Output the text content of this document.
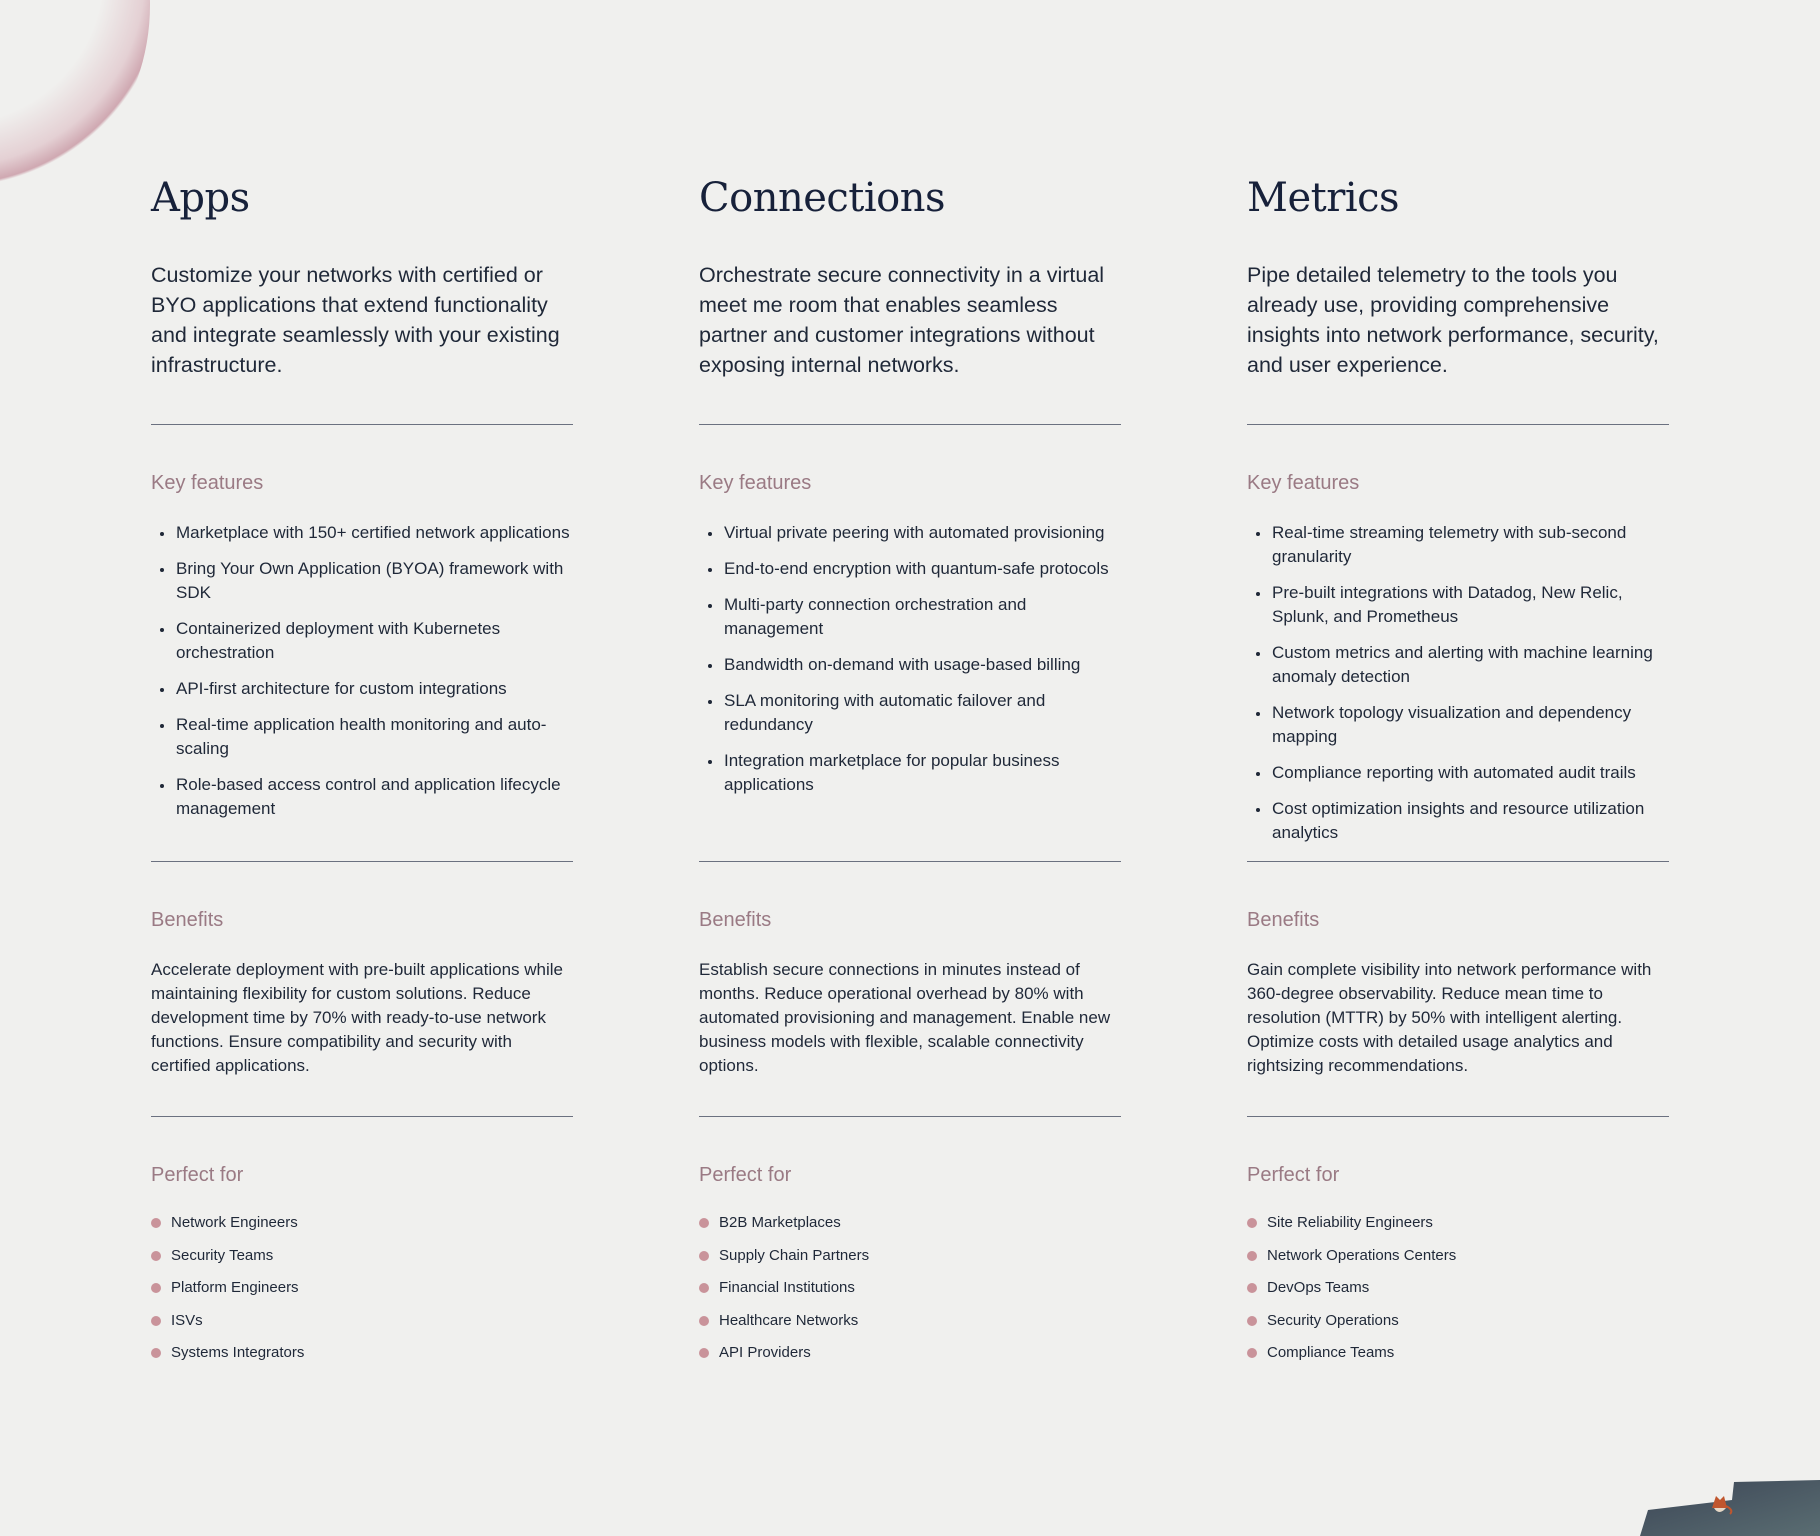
Apps

Customize your networks with certified or BYO applications that extend functionality and integrate seamlessly with your existing infrastructure.

Key features
Marketplace with 150+ certified network applications
Bring Your Own Application (BYOA) framework with SDK
Containerized deployment with Kubernetes orchestration
API-first architecture for custom integrations
Real-time application health monitoring and auto-scaling
Role-based access control and application lifecycle management
Benefits

Accelerate deployment with pre-built applications while maintaining flexibility for custom solutions. Reduce development time by 70% with ready-to-use network functions. Ensure compatibility and security with certified applications.

Perfect for
Network Engineers
Security Teams
Platform Engineers
ISVs
Systems Integrators
Connections

Orchestrate secure connectivity in a virtual meet me room that enables seamless partner and customer integrations without exposing internal networks.

Key features
Virtual private peering with automated provisioning
End-to-end encryption with quantum-safe protocols
Multi-party connection orchestration and management
Bandwidth on-demand with usage-based billing
SLA monitoring with automatic failover and redundancy
Integration marketplace for popular business applications
Benefits

Establish secure connections in minutes instead of months. Reduce operational overhead by 80% with automated provisioning and management. Enable new business models with flexible, scalable connectivity options.

Perfect for
B2B Marketplaces
Supply Chain Partners
Financial Institutions
Healthcare Networks
API Providers
Metrics

Pipe detailed telemetry to the tools you already use, providing comprehensive insights into network performance, security, and user experience.

Key features
Real-time streaming telemetry with sub-second granularity
Pre-built integrations with Datadog, New Relic, Splunk, and Prometheus
Custom metrics and alerting with machine learning anomaly detection
Network topology visualization and dependency mapping
Compliance reporting with automated audit trails
Cost optimization insights and resource utilization analytics
Benefits

Gain complete visibility into network performance with 360-degree observability. Reduce mean time to resolution (MTTR) by 50% with intelligent alerting. Optimize costs with detailed usage analytics and rightsizing recommendations.

Perfect for
Site Reliability Engineers
Network Operations Centers
DevOps Teams
Security Operations
Compliance Teams
